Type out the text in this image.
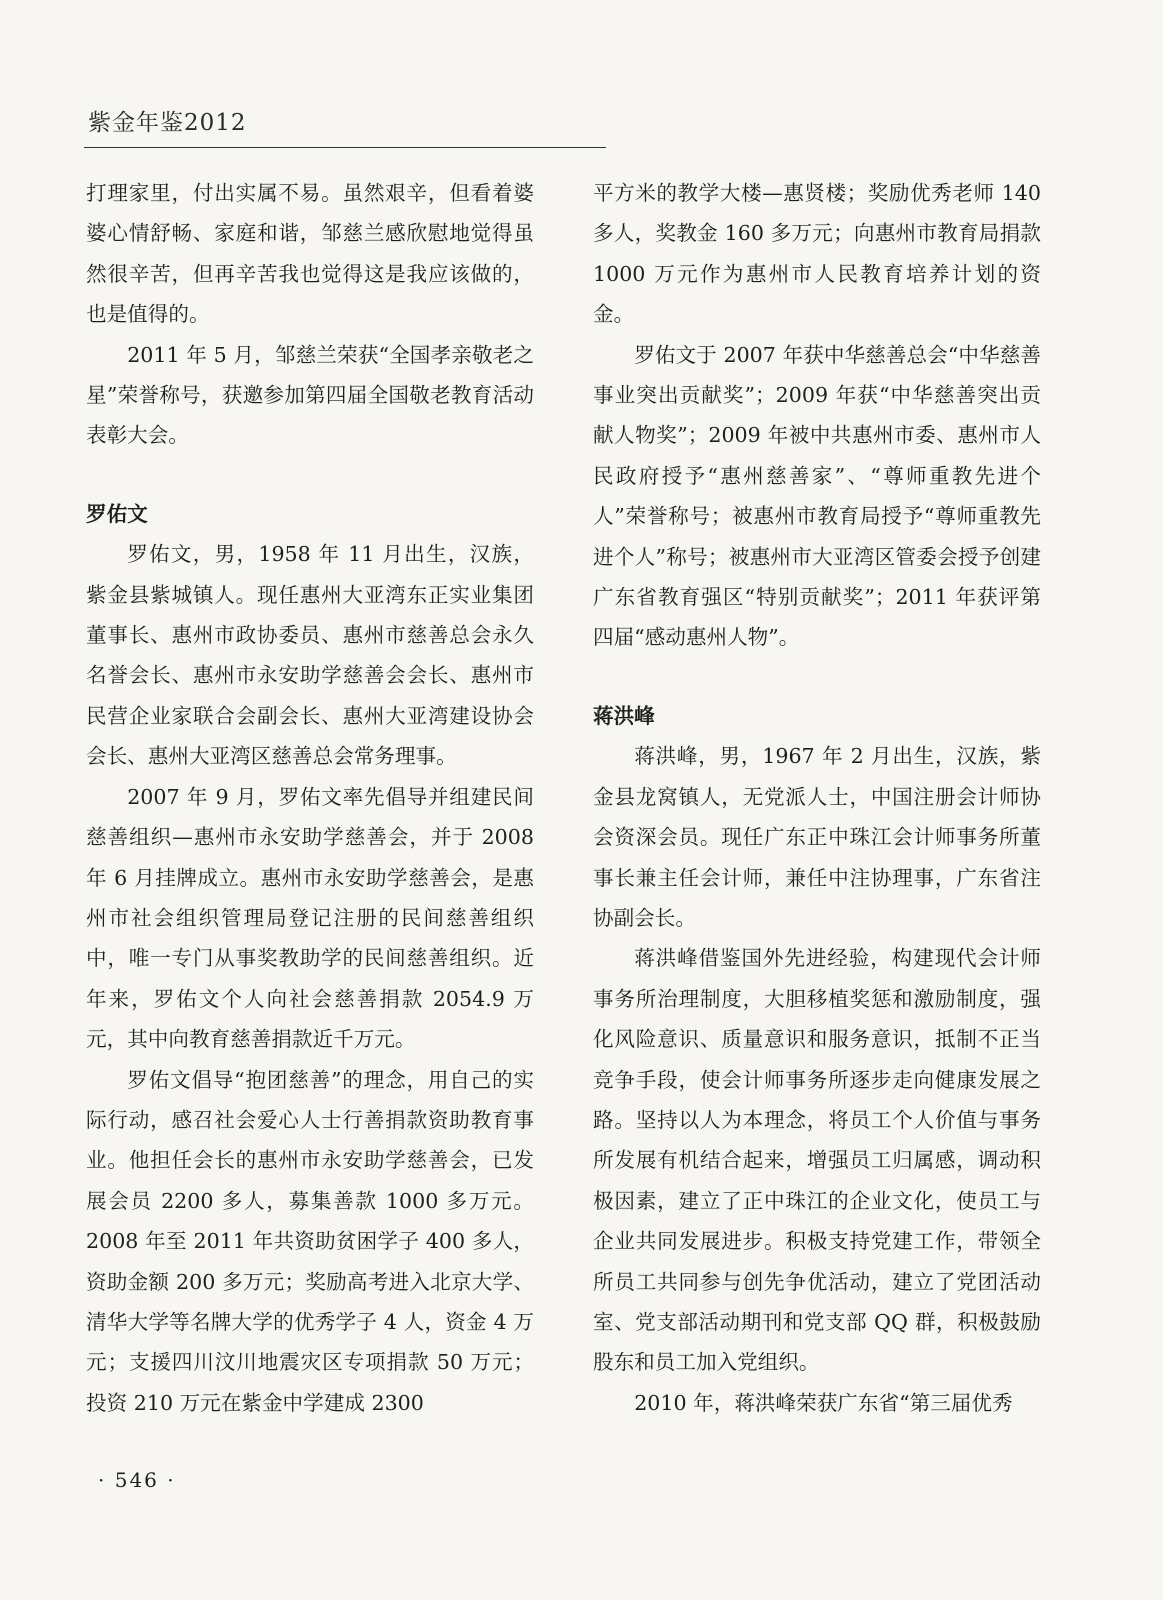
紫金年鉴2012

打理家里，付出实属不易。虽然艰辛，但看着婆婆心情舒畅、家庭和谐，邹慈兰感欣慰地觉得虽然很辛苦，但再辛苦我也觉得这是我应该做的，也是值得的。

2011 年 5 月，邹慈兰荣获“全国孝亲敬老之星”荣誉称号，获邀参加第四届全国敬老教育活动表彰大会。

罗佑文

罗佑文，男，1958 年 11 月出生，汉族，紫金县紫城镇人。现任惠州大亚湾东正实业集团董事长、惠州市政协委员、惠州市慈善总会永久名誉会长、惠州市永安助学慈善会会长、惠州市民营企业家联合会副会长、惠州大亚湾建设协会会长、惠州大亚湾区慈善总会常务理事。

2007 年 9 月，罗佑文率先倡导并组建民间慈善组织—惠州市永安助学慈善会，并于 2008 年 6 月挂牌成立。惠州市永安助学慈善会，是惠州市社会组织管理局登记注册的民间慈善组织中，唯一专门从事奖教助学的民间慈善组织。近年来，罗佑文个人向社会慈善捐款 2054.9 万元，其中向教育慈善捐款近千万元。

罗佑文倡导“抱团慈善”的理念，用自己的实际行动，感召社会爱心人士行善捐款资助教育事业。他担任会长的惠州市永安助学慈善会，已发展会员 2200 多人，募集善款 1000 多万元。2008 年至 2011 年共资助贫困学子 400 多人，资助金额 200 多万元；奖励高考进入北京大学、清华大学等名牌大学的优秀学子 4 人，资金 4 万元；支援四川汶川地震灾区专项捐款 50 万元；投资 210 万元在紫金中学建成 2300

平方米的教学大楼—惠贤楼；奖励优秀老师 140 多人，奖教金 160 多万元；向惠州市教育局捐款 1000 万元作为惠州市人民教育培养计划的资金。

罗佑文于 2007 年获中华慈善总会“中华慈善事业突出贡献奖”；2009 年获“中华慈善突出贡献人物奖”；2009 年被中共惠州市委、惠州市人民政府授予“惠州慈善家”、“尊师重教先进个人”荣誉称号；被惠州市教育局授予“尊师重教先进个人”称号；被惠州市大亚湾区管委会授予创建广东省教育强区“特别贡献奖”；2011 年获评第四届“感动惠州人物”。

蒋洪峰

蒋洪峰，男，1967 年 2 月出生，汉族，紫金县龙窝镇人，无党派人士，中国注册会计师协会资深会员。现任广东正中珠江会计师事务所董事长兼主任会计师，兼任中注协理事，广东省注协副会长。

蒋洪峰借鉴国外先进经验，构建现代会计师事务所治理制度，大胆移植奖惩和激励制度，强化风险意识、质量意识和服务意识，抵制不正当竞争手段，使会计师事务所逐步走向健康发展之路。坚持以人为本理念，将员工个人价值与事务所发展有机结合起来，增强员工归属感，调动积极因素，建立了正中珠江的企业文化，使员工与企业共同发展进步。积极支持党建工作，带领全所员工共同参与创先争优活动，建立了党团活动室、党支部活动期刊和党支部 QQ 群，积极鼓励股东和员工加入党组织。

2010 年，蒋洪峰荣获广东省“第三届优秀

· 546 ·
